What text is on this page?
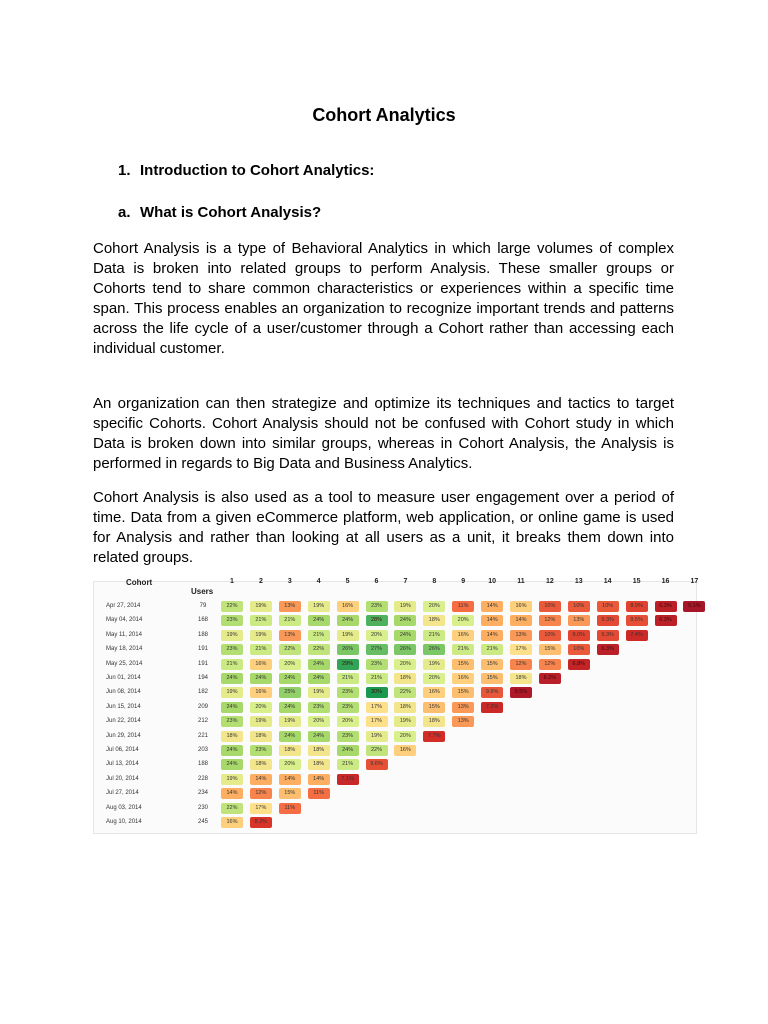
Cohort Analytics
1. Introduction to Cohort Analytics:
a. What is Cohort Analysis?

Cohort Analysis is a type of Behavioral Analytics in which large volumes of complex Data is broken into related groups to perform Analysis. These smaller groups or Cohorts tend to share common characteristics or experiences within a specific time span. This process enables an organization to recognize important trends and patterns across the life cycle of a user/customer through a Cohort rather than accessing each individual customer.

An organization can then strategize and optimize its techniques and tactics to target specific Cohorts. Cohort Analysis should not be confused with Cohort study in which Data is broken down into similar groups, whereas in Cohort Analysis, the Analysis is performed in regards to Big Data and Business Analytics.

Cohort Analysis is also used as a tool to measure user engagement over a period of time. Data from a given eCommerce platform, web application, or online game is used for Analysis and rather than looking at all users as a unit, it breaks them down into related groups.

Cohort
Users
1	2	3	4	5	6	7	8	9	10	11	12	13	14	15	16	17
Apr 27, 2014	79	22%	19%	13%	19%	16%	23%	19%	20%	11%	14%	16%	10%	10%	10%	8.9%	6.3%	5.1%
May 04, 2014	168	23%	21%	21%	24%	24%	28%	24%	18%	20%	14%	14%	12%	13%	9.3%	9.5%	6.3%
May 11, 2014	188	19%	19%	13%	21%	19%	20%	24%	21%	16%	14%	13%	10%	9.0%	9.3%	7.4%
May 18, 2014	191	23%	21%	22%	22%	26%	27%	26%	26%	21%	21%	17%	15%	10%	6.3%
May 25, 2014	191	21%	16%	20%	24%	29%	23%	20%	19%	15%	15%	12%	12%	6.8%
Jun 01, 2014	194	24%	24%	24%	24%	21%	21%	18%	20%	16%	15%	18%	6.2%
Jun 08, 2014	182	19%	16%	25%	19%	23%	30%	22%	16%	15%	9.9%	5.5%
Jun 15, 2014	209	24%	20%	24%	23%	23%	17%	18%	15%	13%	7.2%
Jun 22, 2014	212	23%	19%	19%	20%	20%	17%	19%	18%	13%
Jun 29, 2014	221	18%	18%	24%	24%	23%	19%	20%	7.7%
Jul 06, 2014	203	24%	23%	18%	18%	24%	22%	16%
Jul 13, 2014	188	24%	18%	20%	18%	21%	9.6%
Jul 20, 2014	228	19%	14%	14%	14%	7.1%
Jul 27, 2014	234	14%	12%	15%	11%
Aug 03, 2014	230	22%	17%	11%
Aug 10, 2014	245	16%	8.2%
